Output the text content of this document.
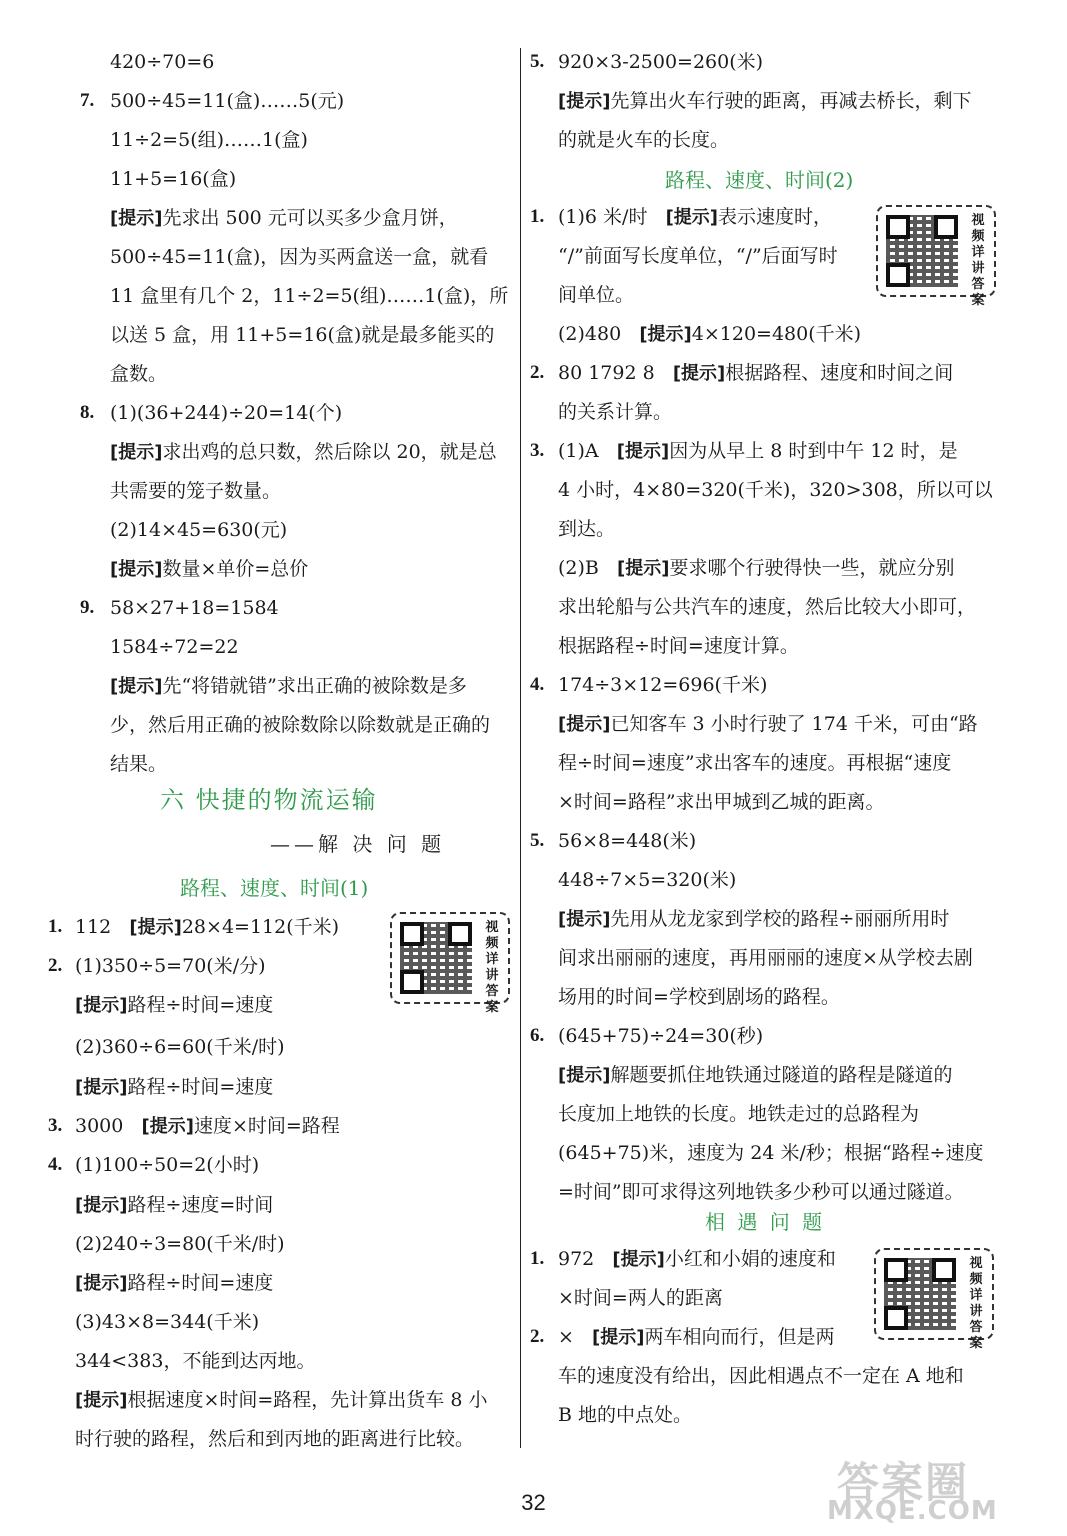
420÷70=6
7. 500÷45=11(盒)……5(元)
11÷2=5(组)……1(盒)
11+5=16(盒)
[提示]先求出 500 元可以买多少盒月饼，
500÷45=11(盒)，因为买两盒送一盒，就看
11 盒里有几个 2，11÷2=5(组)……1(盒)，所
以送 5 盒，用 11+5=16(盒)就是最多能买的
盒数。
8. (1)(36+244)÷20=14(个)
[提示]求出鸡的总只数，然后除以 20，就是总
共需要的笼子数量。
(2)14×45=630(元)
[提示]数量×单价=总价
9. 58×27+18=1584
1584÷72=22
[提示]先“将错就错”求出正确的被除数是多
少，然后用正确的被除数除以除数就是正确的
结果。
六 快捷的物流运输
——解 决 问 题
路程、速度、时间(1)
1. 112 [提示]28×4=112(千米)
2. (1)350÷5=70(米/分)
[提示]路程÷时间=速度
(2)360÷6=60(千米/时)
[提示]路程÷时间=速度
3. 3000 [提示]速度×时间=路程
4. (1)100÷50=2(小时)
[提示]路程÷速度=时间
(2)240÷3=80(千米/时)
[提示]路程÷时间=速度
(3)43×8=344(千米)
344<383，不能到达丙地。
[提示]根据速度×时间=路程，先计算出货车 8 小
时行驶的路程，然后和到丙地的距离进行比较。
视频详讲答案
5. 920×3-2500=260(米)
[提示]先算出火车行驶的距离，再减去桥长，剩下
的就是火车的长度。
路程、速度、时间(2)
1. (1)6 米/时 [提示]表示速度时，
“/”前面写长度单位，“/”后面写时
间单位。
(2)480 [提示]4×120=480(千米)
视频详讲答案
2. 80 1792 8 [提示]根据路程、速度和时间之间
的关系计算。
3. (1)A [提示]因为从早上 8 时到中午 12 时，是
4 小时，4×80=320(千米)，320>308，所以可以
到达。
(2)B [提示]要求哪个行驶得快一些，就应分别
求出轮船与公共汽车的速度，然后比较大小即可，
根据路程÷时间=速度计算。
4. 174÷3×12=696(千米)
[提示]已知客车 3 小时行驶了 174 千米，可由“路
程÷时间=速度”求出客车的速度。再根据“速度
×时间=路程”求出甲城到乙城的距离。
5. 56×8=448(米)
448÷7×5=320(米)
[提示]先用从龙龙家到学校的路程÷丽丽所用时
间求出丽丽的速度，再用丽丽的速度×从学校去剧
场用的时间=学校到剧场的路程。
6. (645+75)÷24=30(秒)
[提示]解题要抓住地铁通过隧道的路程是隧道的
长度加上地铁的长度。地铁走过的总路程为
(645+75)米，速度为 24 米/秒；根据“路程÷速度
=时间”即可求得这列地铁多少秒可以通过隧道。
相 遇 问 题
1. 972 [提示]小红和小娟的速度和
×时间=两人的距离
2. × [提示]两车相向而行，但是两
车的速度没有给出，因此相遇点不一定在 A 地和
B 地的中点处。
视频详讲答案
32	答案圈
MXQE.COM
